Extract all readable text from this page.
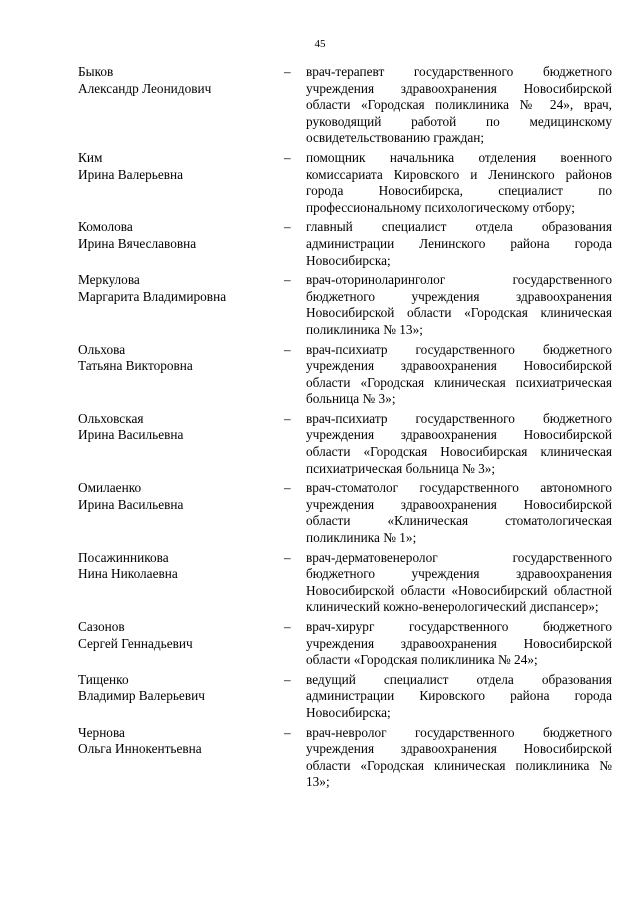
45
Быков
Александр Леонидович
–	врач-терапевт государственного бюджетного учреждения здравоохранения Новосибирской области «Городская поликлиника № 24», врач, руководящий работой по медицинскому освидетельствованию граждан;
Ким
Ирина Валерьевна
–	помощник начальника отделения военного комиссариата Кировского и Ленинского районов города Новосибирска, специалист по профессиональному психологическому отбору;
Комолова
Ирина Вячеславовна
–	главный специалист отдела образования администрации Ленинского района города Новосибирска;
Меркулова
Маргарита Владимировна
–	врач-оториноларинголог государственного бюджетного учреждения здравоохранения Новосибирской области «Городская клиническая поликлиника № 13»;
Ольхова
Татьяна Викторовна
–	врач-психиатр государственного бюджетного учреждения здравоохранения Новосибирской области «Городская клиническая психиатрическая больница № 3»;
Ольховская
Ирина Васильевна
–	врач-психиатр государственного бюджетного учреждения здравоохранения Новосибирской области «Городская Новосибирская клиническая психиатрическая больница № 3»;
Омилаенко
Ирина Васильевна
–	врач-стоматолог государственного автономного учреждения здравоохранения Новосибирской области «Клиническая стоматологическая поликлиника № 1»;
Посажинникова
Нина Николаевна
–	врач-дерматовенеролог государственного бюджетного учреждения здравоохранения Новосибирской области «Новосибирский областной клинический кожно-венерологический диспансер»;
Сазонов
Сергей Геннадьевич
–	врач-хирург государственного бюджетного учреждения здравоохранения Новосибирской области «Городская поликлиника № 24»;
Тищенко
Владимир Валерьевич
–	ведущий специалист отдела образования администрации Кировского района города Новосибирска;
Чернова
Ольга Иннокентьевна
–	врач-невролог государственного бюджетного учреждения здравоохранения Новосибирской области «Городская клиническая поликлиника № 13»;
